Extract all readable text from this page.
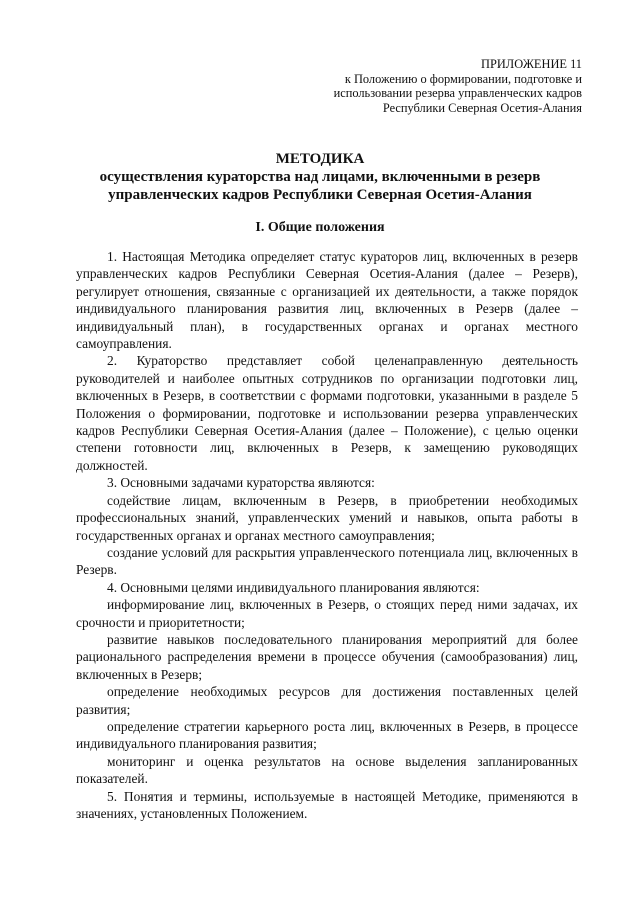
ПРИЛОЖЕНИЕ 11
к Положению о формировании, подготовке и
использовании резерва управленческих кадров
Республики Северная Осетия-Алания
МЕТОДИКА
осуществления кураторства над лицами, включенными в резерв
управленческих кадров Республики Северная Осетия-Алания
I. Общие положения

1. Настоящая Методика определяет статус кураторов лиц, включенных в резерв управленческих кадров Республики Северная Осетия-Алания (далее – Резерв), регулирует отношения, связанные с организацией их деятельности, а также порядок индивидуального планирования развития лиц, включенных в Резерв (далее – индивидуальный план), в государственных органах и органах местного самоуправления.

2. Кураторство представляет собой целенаправленную деятельность руководителей и наиболее опытных сотрудников по организации подготовки лиц, включенных в Резерв, в соответствии с формами подготовки, указанными в разделе 5 Положения о формировании, подготовке и использовании резерва управленческих кадров Республики Северная Осетия-Алания (далее – Положение), с целью оценки степени готовности лиц, включенных в Резерв, к замещению руководящих должностей.

3. Основными задачами кураторства являются:

содействие лицам, включенным в Резерв, в приобретении необходимых профессиональных знаний, управленческих умений и навыков, опыта работы в государственных органах и органах местного самоуправления;

создание условий для раскрытия управленческого потенциала лиц, включенных в Резерв.

4. Основными целями индивидуального планирования являются:

информирование лиц, включенных в Резерв, о стоящих перед ними задачах, их срочности и приоритетности;

развитие навыков последовательного планирования мероприятий для более рационального распределения времени в процессе обучения (самообразования) лиц, включенных в Резерв;

определение необходимых ресурсов для достижения поставленных целей развития;

определение стратегии карьерного роста лиц, включенных в Резерв, в процессе индивидуального планирования развития;

мониторинг и оценка результатов на основе выделения запланированных показателей.

5. Понятия и термины, используемые в настоящей Методике, применяются в значениях, установленных Положением.
